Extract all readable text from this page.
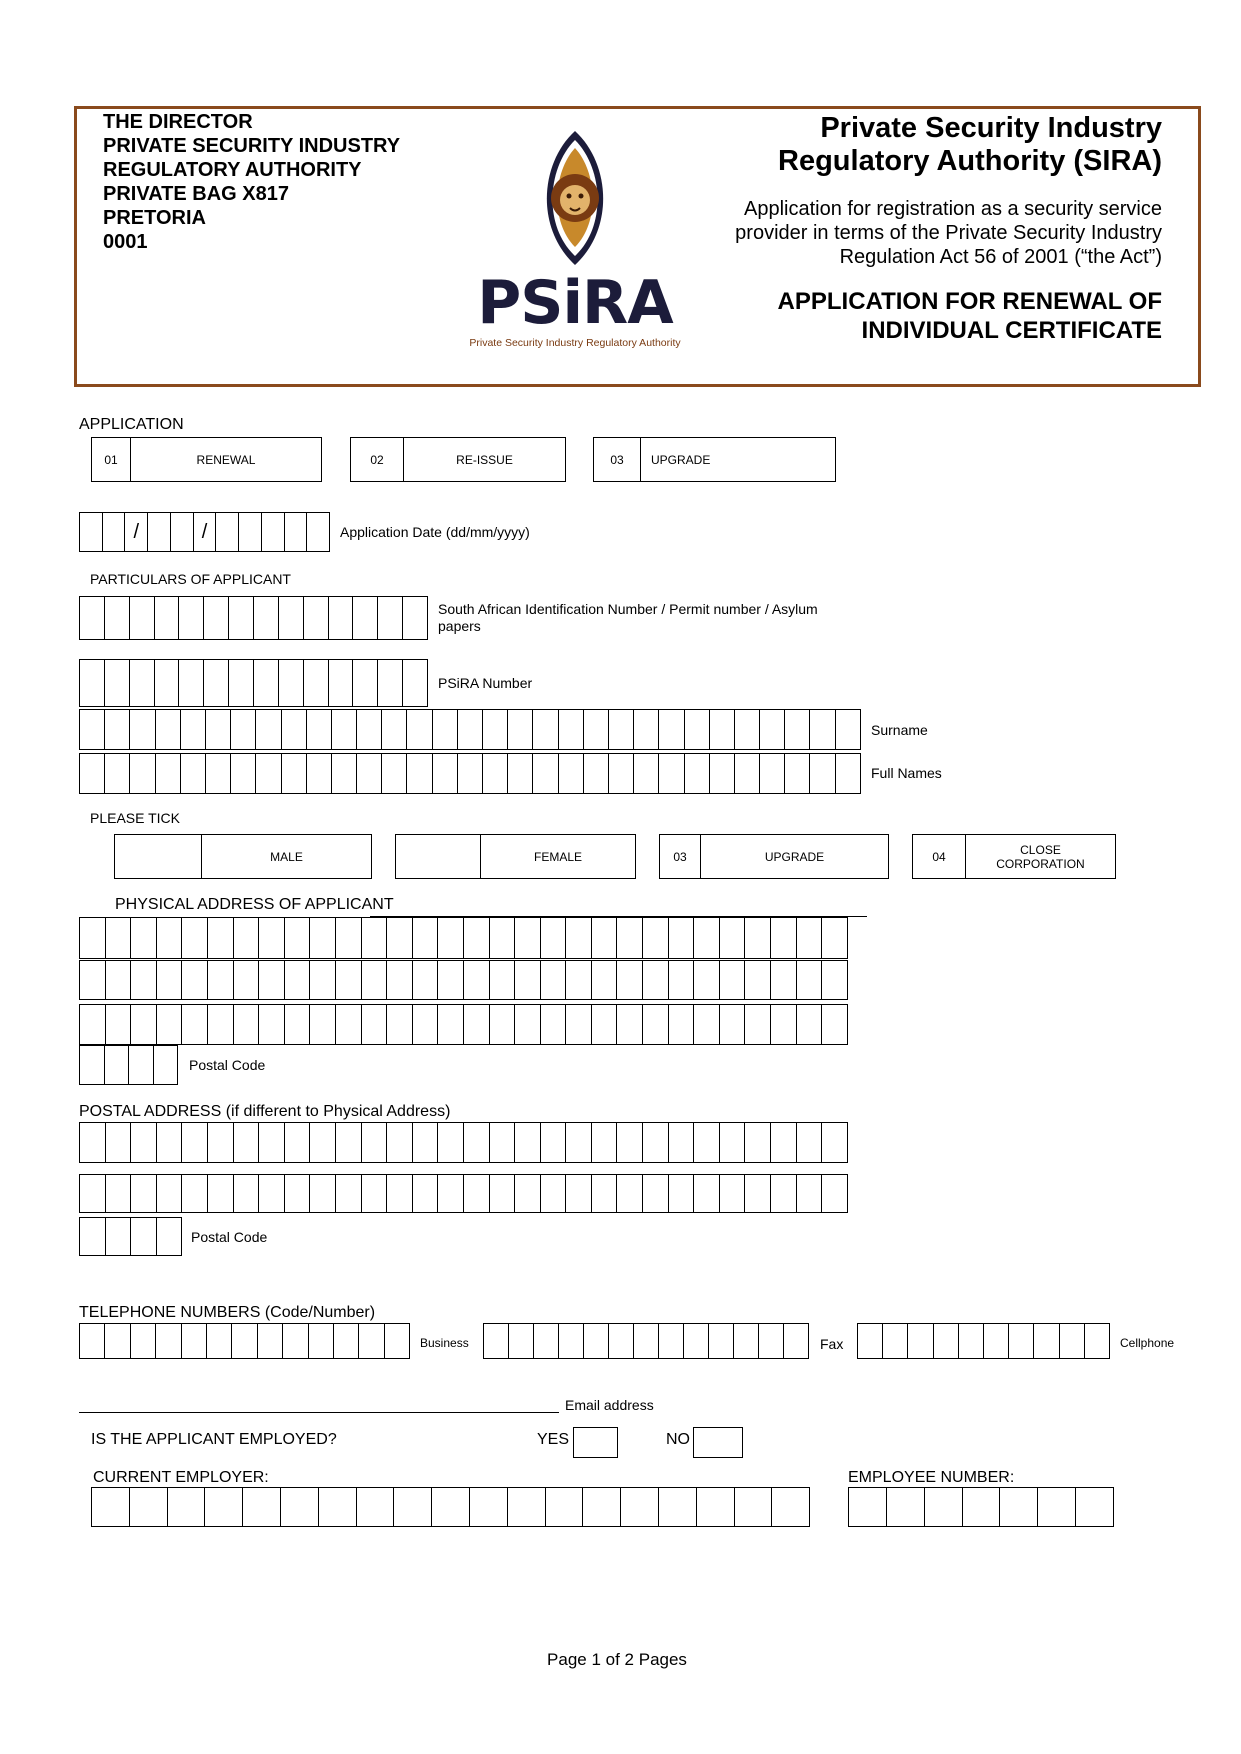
THE DIRECTOR
PRIVATE SECURITY INDUSTRY
REGULATORY AUTHORITY
PRIVATE BAG X817
PRETORIA
0001
PSiRA
Private Security Industry Regulatory Authority
Private Security Industry
Regulatory Authority (SIRA)
Application for registration as a security service
provider in terms of the Private Security Industry
Regulation Act 56 of 2001 (“the Act”)
APPLICATION FOR RENEWAL OF
INDIVIDUAL CERTIFICATE
APPLICATION
01	RENEWAL	02	RE-ISSUE	03	UPGRADE
/	/	Application Date (dd/mm/yyyy)
PARTICULARS OF APPLICANT
South African Identification Number / Permit number / Asylum
papers
PSiRA Number
Surname
Full Names
PLEASE TICK
MALE	FEMALE	03	UPGRADE	04	CLOSE
CORPORATION
PHYSICAL ADDRESS OF APPLICANT
Postal Code
POSTAL ADDRESS (if different to Physical Address)
Postal Code
TELEPHONE NUMBERS (Code/Number)
Business	Fax	Cellphone
Email address
IS THE APPLICANT EMPLOYED?	YES	NO
CURRENT EMPLOYER:	EMPLOYEE NUMBER:
Page 1 of 2 Pages
